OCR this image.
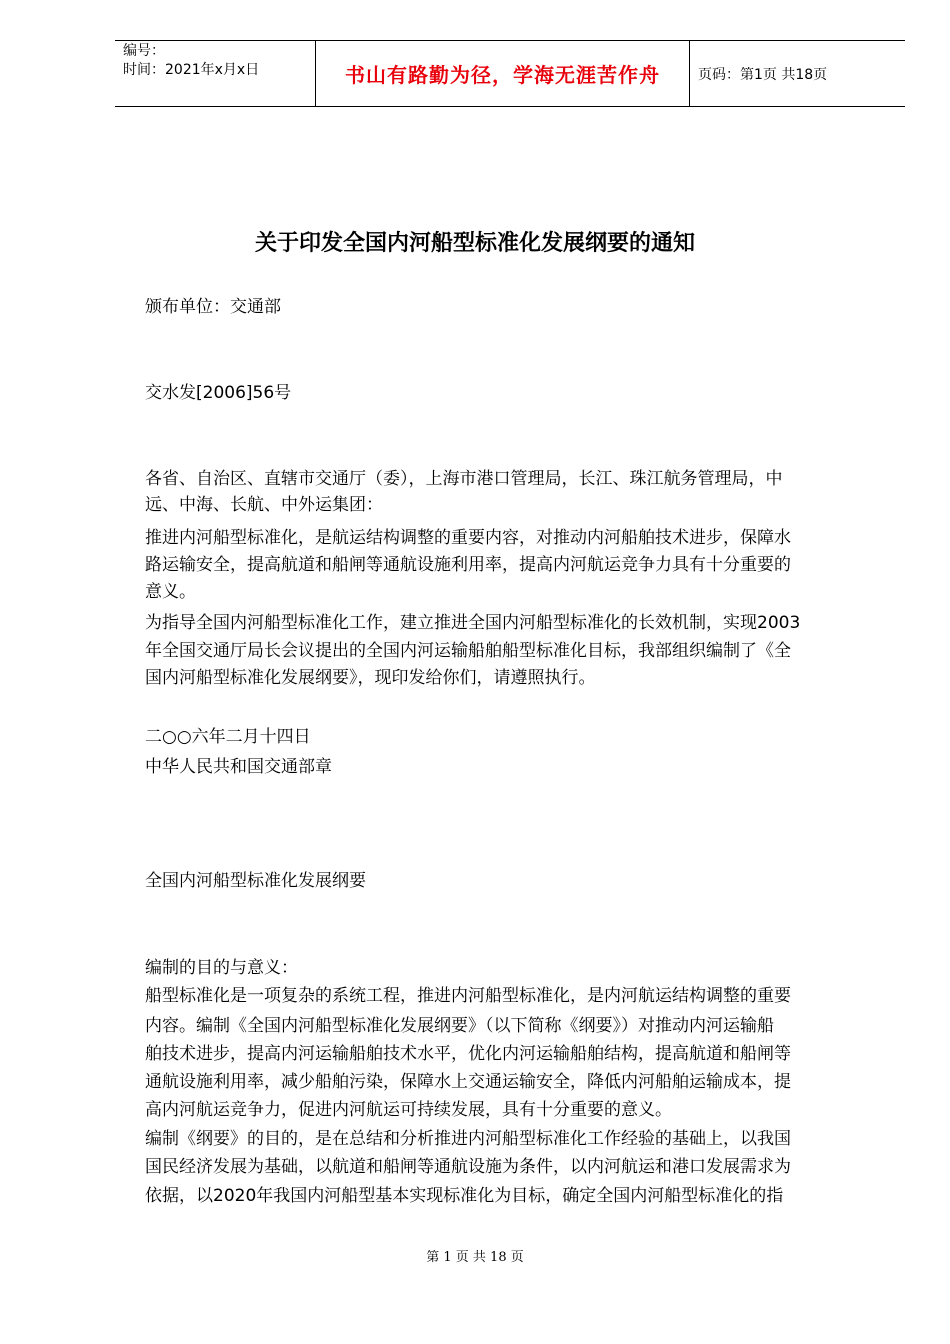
编号：
时间：2021年x月x日	书山有路勤为径，学海无涯苦作舟	页码：第1页 共18页
关于印发全国内河船型标准化发展纲要的通知
颁布单位：交通部
交水发[2006]56号
各省、自治区、直辖市交通厅（委），上海市港口管理局，长江、珠江航务管理局，中
远、中海、长航、中外运集团：
推进内河船型标准化，是航运结构调整的重要内容，对推动内河船舶技术进步，保障水
路运输安全，提高航道和船闸等通航设施利用率，提高内河航运竞争力具有十分重要的
意义。
为指导全国内河船型标准化工作，建立推进全国内河船型标准化的长效机制，实现2003
年全国交通厅局长会议提出的全国内河运输船舶船型标准化目标，我部组织编制了《全
国内河船型标准化发展纲要》，现印发给你们，请遵照执行。
二○○六年二月十四日
中华人民共和国交通部章
全国内河船型标准化发展纲要
编制的目的与意义：
船型标准化是一项复杂的系统工程，推进内河船型标准化，是内河航运结构调整的重要
内容。编制《全国内河船型标准化发展纲要》（以下简称《纲要》）对推动内河运输船
舶技术进步，提高内河运输船舶技术水平，优化内河运输船舶结构，提高航道和船闸等
通航设施利用率，减少船舶污染，保障水上交通运输安全，降低内河船舶运输成本，提
高内河航运竞争力，促进内河航运可持续发展，具有十分重要的意义。
编制《纲要》的目的，是在总结和分析推进内河船型标准化工作经验的基础上，以我国
国民经济发展为基础，以航道和船闸等通航设施为条件，以内河航运和港口发展需求为
依据，以2020年我国内河船型基本实现标准化为目标，确定全国内河船型标准化的指
第 1 页 共 18 页
